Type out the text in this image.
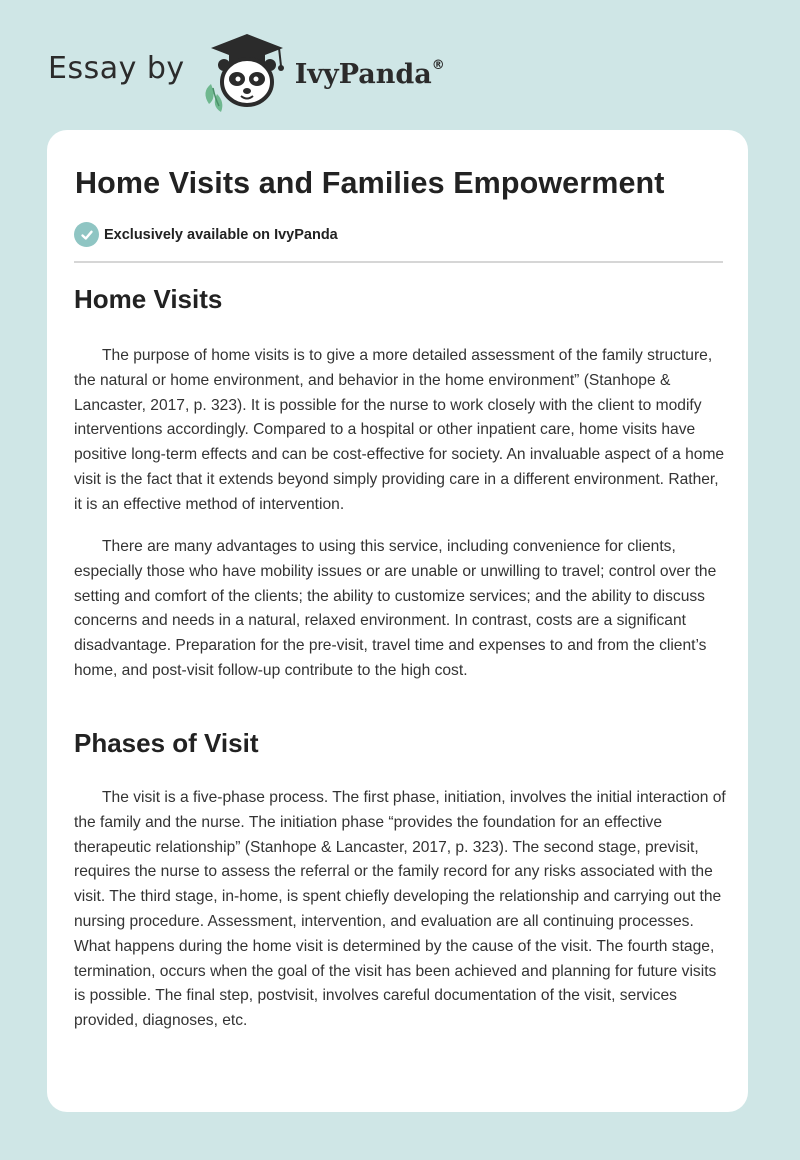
Essay by	IvyPanda®
Home Visits and Families Empowerment
Exclusively available on IvyPanda
Home Visits

The purpose of home visits is to give a more detailed assessment of the family structure, the natural or home environment, and behavior in the home environment” (Stanhope & Lancaster, 2017, p. 323). It is possible for the nurse to work closely with the client to modify interventions accordingly. Compared to a hospital or other inpatient care, home visits have positive long-term effects and can be cost-effective for society. An invaluable aspect of a home visit is the fact that it extends beyond simply providing care in a different environment. Rather, it is an effective method of intervention.

There are many advantages to using this service, including convenience for clients, especially those who have mobility issues or are unable or unwilling to travel; control over the setting and comfort of the clients; the ability to customize services; and the ability to discuss concerns and needs in a natural, relaxed environment. In contrast, costs are a significant disadvantage. Preparation for the pre-visit, travel time and expenses to and from the client’s home, and post-visit follow-up contribute to the high cost.

Phases of Visit

The visit is a five-phase process. The first phase, initiation, involves the initial interaction of the family and the nurse. The initiation phase “provides the foundation for an effective therapeutic relationship” (Stanhope & Lancaster, 2017, p. 323). The second stage, previsit, requires the nurse to assess the referral or the family record for any risks associated with the visit. The third stage, in-home, is spent chiefly developing the relationship and carrying out the nursing procedure. Assessment, intervention, and evaluation are all continuing processes. What happens during the home visit is determined by the cause of the visit. The fourth stage, termination, occurs when the goal of the visit has been achieved and planning for future visits is possible. The final step, postvisit, involves careful documentation of the visit, services provided, diagnoses, etc.
